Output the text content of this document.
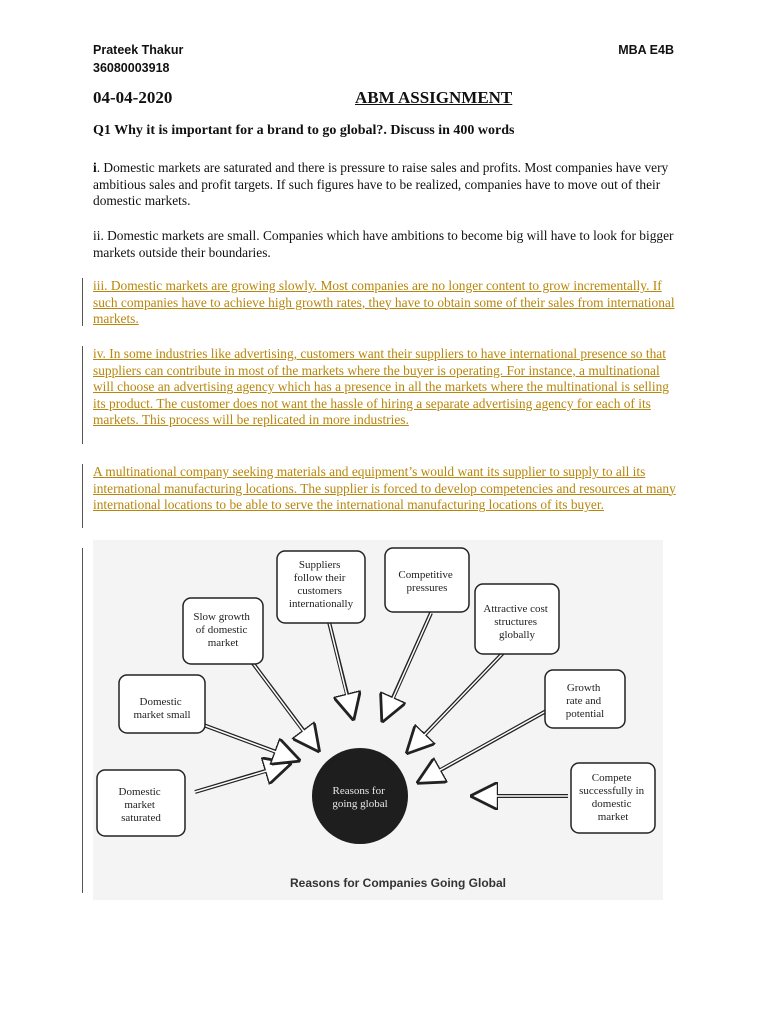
Prateek Thakur
36080003918
MBA E4B
04-04-2020	ABM ASSIGNMENT
Q1 Why it is important for a brand to go global?. Discuss in 400 words

i. Domestic markets are saturated and there is pressure to raise sales and profits. Most companies have very ambitious sales and profit targets. If such figures have to be realized, companies have to move out of their domestic markets.

ii. Domestic markets are small. Companies which have ambitions to become big will have to look for bigger markets outside their boundaries.

iii. Domestic markets are growing slowly. Most companies are no longer content to grow incrementally. If such companies have to achieve high growth rates, they have to obtain some of their sales from international markets.

iv. In some industries like advertising, customers want their suppliers to have international presence so that suppliers can contribute in most of the markets where the buyer is operating. For instance, a multinational will choose an advertising agency which has a presence in all the markets where the multinational is selling its product. The customer does not want the hassle of hiring a separate advertising agency for each of its markets. This process will be replicated in more industries.

A multinational company seeking materials and equipment’s would want its supplier to supply to all its international manufacturing locations. The supplier is forced to develop competencies and resources at many international locations to be able to serve the international manufacturing locations of its buyer.

Reasons for going global
Domestic market saturated
Domestic market small
Slow growth of domestic market
Suppliers follow their customers internationally
Competitive pressures
Attractive cost structures globally
Growth rate and potential
Compete successfully in domestic market
Reasons for Companies Going Global
